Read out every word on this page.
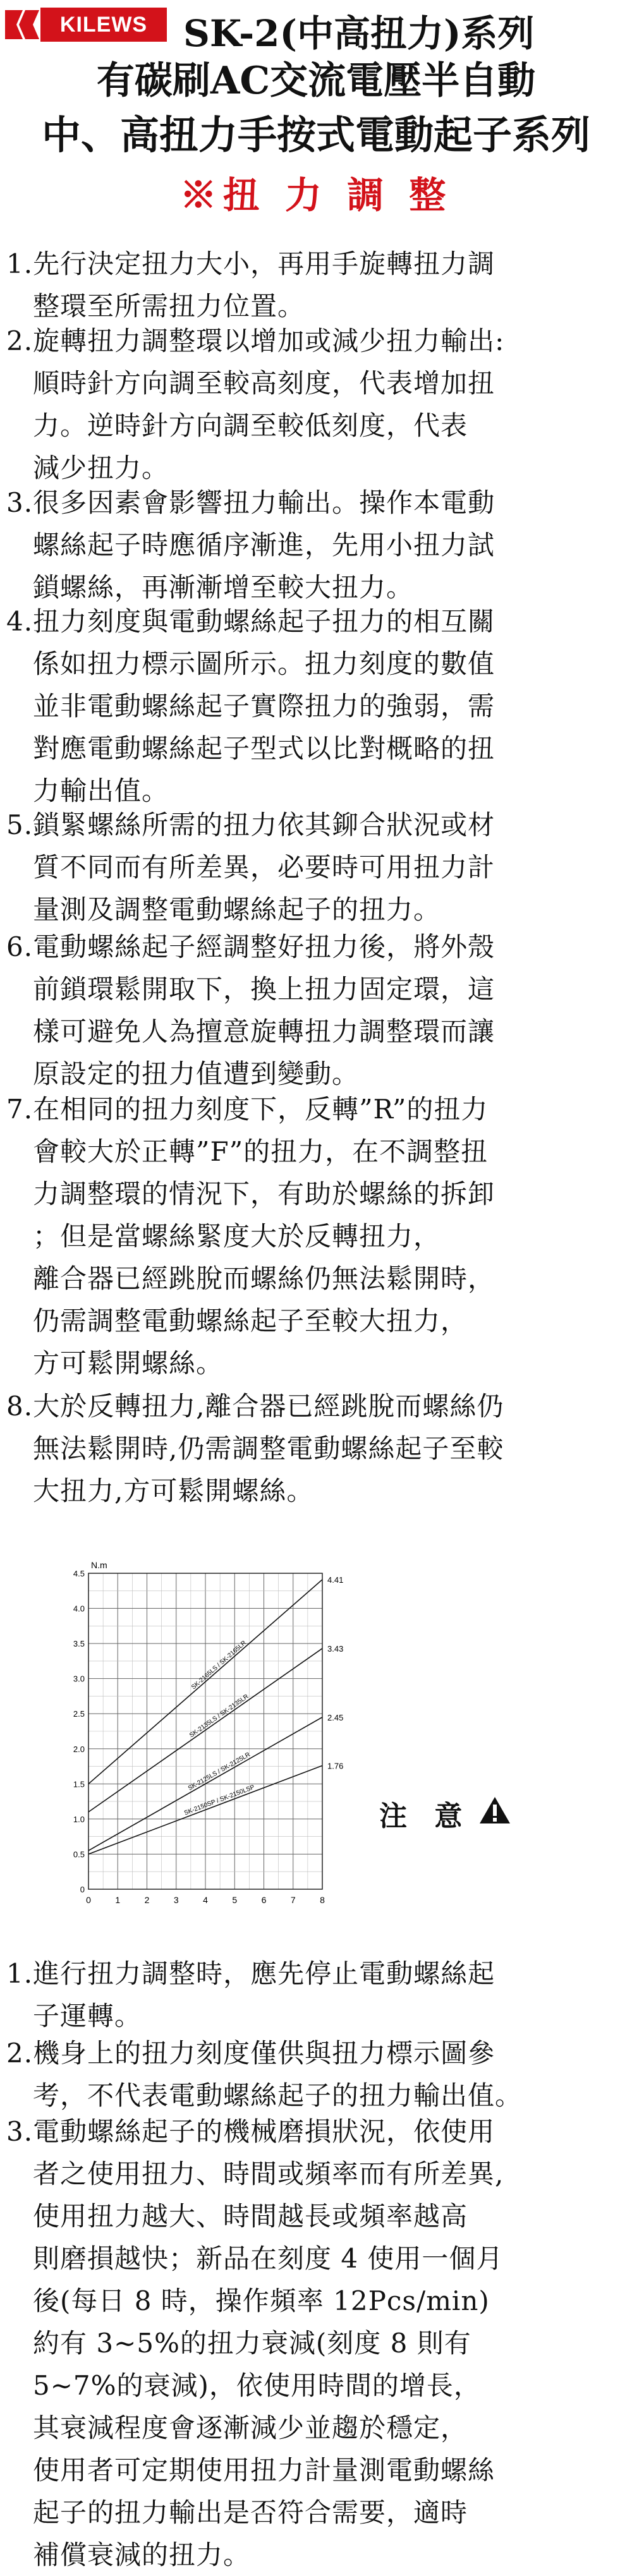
KILEWS SK-2(中高扭力)系列
有碳刷AC交流電壓半自動
中、高扭力手按式電動起子系列
※扭 力 調 整
1.先行決定扭力大小，再用手旋轉扭力調
整環至所需扭力位置。
2.旋轉扭力調整環以增加或減少扭力輸出:
順時針方向調至較高刻度，代表增加扭
力。逆時針方向調至較低刻度，代表
減少扭力。
3.很多因素會影響扭力輸出。操作本電動
螺絲起子時應循序漸進，先用小扭力試
鎖螺絲，再漸漸增至較大扭力。
4.扭力刻度與電動螺絲起子扭力的相互關
係如扭力標示圖所示。扭力刻度的數值
並非電動螺絲起子實際扭力的強弱，需
對應電動螺絲起子型式以比對概略的扭
力輸出值。
5.鎖緊螺絲所需的扭力依其鉚合狀況或材
質不同而有所差異，必要時可用扭力計
量測及調整電動螺絲起子的扭力。
6.電動螺絲起子經調整好扭力後，將外殼
前鎖環鬆開取下，換上扭力固定環，這
樣可避免人為擅意旋轉扭力調整環而讓
原設定的扭力值遭到變動。
7.在相同的扭力刻度下，反轉”R”的扭力
會較大於正轉”F”的扭力，在不調整扭
力調整環的情況下，有助於螺絲的拆卸
；但是當螺絲緊度大於反轉扭力，
離合器已經跳脫而螺絲仍無法鬆開時，
仍需調整電動螺絲起子至較大扭力，
方可鬆開螺絲。
8.大於反轉扭力,離合器已經跳脫而螺絲仍
無法鬆開時,仍需調整電動螺絲起子至較
大扭力,方可鬆開螺絲。
1.進行扭力調整時，應先停止電動螺絲起
子運轉。
2.機身上的扭力刻度僅供與扭力標示圖參
考，不代表電動螺絲起子的扭力輸出值。
3.電動螺絲起子的機械磨損狀況，依使用
者之使用扭力、時間或頻率而有所差異,
使用扭力越大、時間越長或頻率越高
則磨損越快；新品在刻度 4 使用一個月
後(每日 8 時，操作頻率 12Pcs/min)
約有 3~5%的扭力衰減(刻度 8 則有
5~7%的衰減)，依使用時間的增長，
其衰減程度會逐漸減少並趨於穩定，
使用者可定期使用扭力計量測電動螺絲
起子的扭力輸出是否符合需要，適時
補償衰減的扭力。
0	1	2	3	4	5	6	7	8
0
0.5
1.0
1.5
2.0
2.5
3.0
3.5
4.0
4.5
N.m
4.41
SK-2165LS / SK-2165LR	3.43
SK-2135LS / SK-2135LR	2.45
SK-2125LS / SK-2125LR	1.76
SK-2150SP / SK-2150LSP	注 意
